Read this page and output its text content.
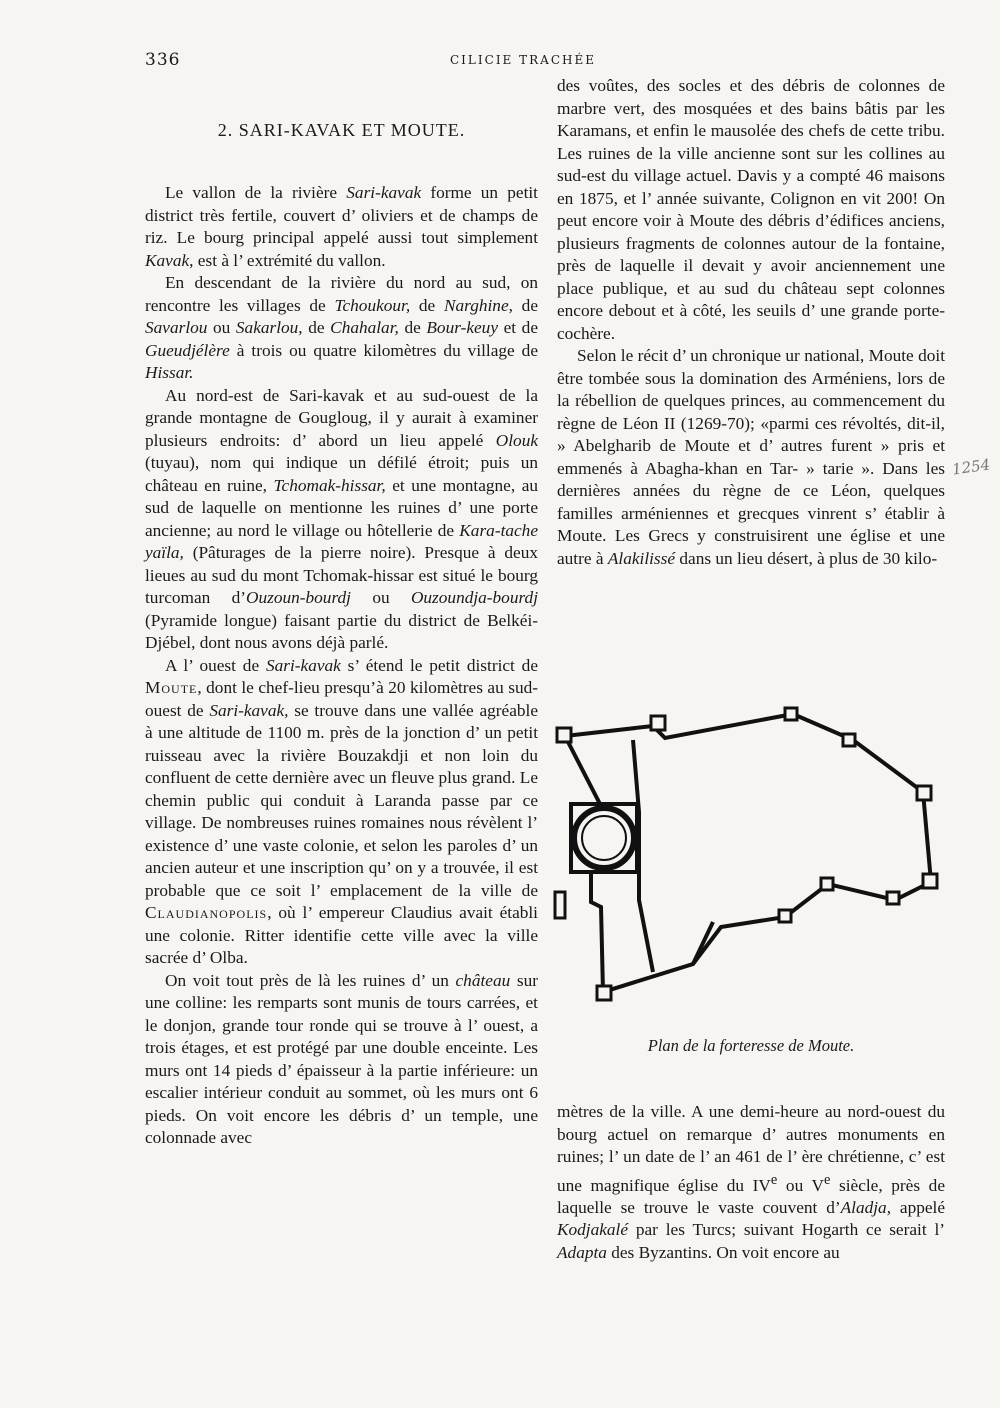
336	CILICIE TRACHÉE
2. SARI-KAVAK ET MOUTE.

Le vallon de la rivière Sari-kavak forme un petit district très fertile, couvert d’ oliviers et de champs de riz. Le bourg principal appelé aussi tout simplement Kavak, est à l’ extrémité du vallon.

En descendant de la rivière du nord au sud, on rencontre les villages de Tchoukour, de Narghine, de Savarlou ou Sakarlou, de Chahalar, de Bour-keuy et de Gueudjélère à trois ou quatre kilomètres du village de Hissar.

Au nord-est de Sari-kavak et au sud-ouest de la grande montagne de Gougloug, il y aurait à examiner plusieurs endroits: d’ abord un lieu appelé Olouk (tuyau), nom qui indique un défilé étroit; puis un château en ruine, Tchomak-hissar, et une montagne, au sud de laquelle on mentionne les ruines d’ une porte ancienne; au nord le village ou hôtellerie de Kara-tache yaïla, (Pâturages de la pierre noire). Presque à deux lieues au sud du mont Tchomak-hissar est situé le bourg turcoman d’Ouzoun-bourdj ou Ouzoundja-bourdj (Pyramide longue) faisant partie du district de Belkéi-Djébel, dont nous avons déjà parlé.

A l’ ouest de Sari-kavak s’ étend le petit district de Moute, dont le chef-lieu presqu’à 20 kilomètres au sud-ouest de Sari-kavak, se trouve dans une vallée agréable à une altitude de 1100 m. près de la jonction d’ un petit ruisseau avec la rivière Bouzakdji et non loin du confluent de cette dernière avec un fleuve plus grand. Le chemin public qui conduit à Laranda passe par ce village. De nombreuses ruines romaines nous révèlent l’ existence d’ une vaste colonie, et selon les paroles d’ un ancien auteur et une inscription qu’ on y a trouvée, il est probable que ce soit l’ emplacement de la ville de Claudianopolis, où l’ empereur Claudius avait établi une colonie. Ritter identifie cette ville avec la ville sacrée d’ Olba.

On voit tout près de là les ruines d’ un château sur une colline: les remparts sont munis de tours carrées, et le donjon, grande tour ronde qui se trouve à l’ ouest, a trois étages, et est protégé par une double enceinte. Les murs ont 14 pieds d’ épaisseur à la partie inférieure: un escalier intérieur conduit au sommet, où les murs ont 6 pieds. On voit encore les débris d’ un temple, une colonnade avec

des voûtes, des socles et des débris de colonnes de marbre vert, des mosquées et des bains bâtis par les Karamans, et enfin le mausolée des chefs de cette tribu. Les ruines de la ville ancienne sont sur les collines au sud-est du village actuel. Davis y a compté 46 maisons en 1875, et l’ année suivante, Colignon en vit 200! On peut encore voir à Moute des débris d’édifices anciens, plusieurs fragments de colonnes autour de la fontaine, près de laquelle il devait y avoir anciennement une place publique, et au sud du château sept colonnes encore debout et à côté, les seuils d’ une grande porte-cochère.

Selon le récit d’ un chronique ur national, Moute doit être tombée sous la domination des Arméniens, lors de la rébellion de quelques princes, au commencement du règne de Léon II (1269-70); «parmi ces révoltés, dit-il, » Abelgharib de Moute et d’ autres furent » pris et emmenés à Abagha-khan en Tar- » tarie ». Dans les dernières années du règne de ce Léon, quelques familles arméniennes et grecques vinrent s’ établir à Moute. Les Grecs y construisirent une église et une autre à Alakilissé dans un lieu désert, à plus de 30 kilo-

Plan de la forteresse de Moute.

mètres de la ville. A une demi-heure au nord-ouest du bourg actuel on remarque d’ autres monuments en ruines; l’ un date de l’ an 461 de l’ ère chrétienne, c’ est une magnifique église du IVe ou Ve siècle, près de laquelle se trouve le vaste couvent d’Aladja, appelé Kodjakalé par les Turcs; suivant Hogarth ce serait l’ Adapta des Byzantins. On voit encore au

1254
